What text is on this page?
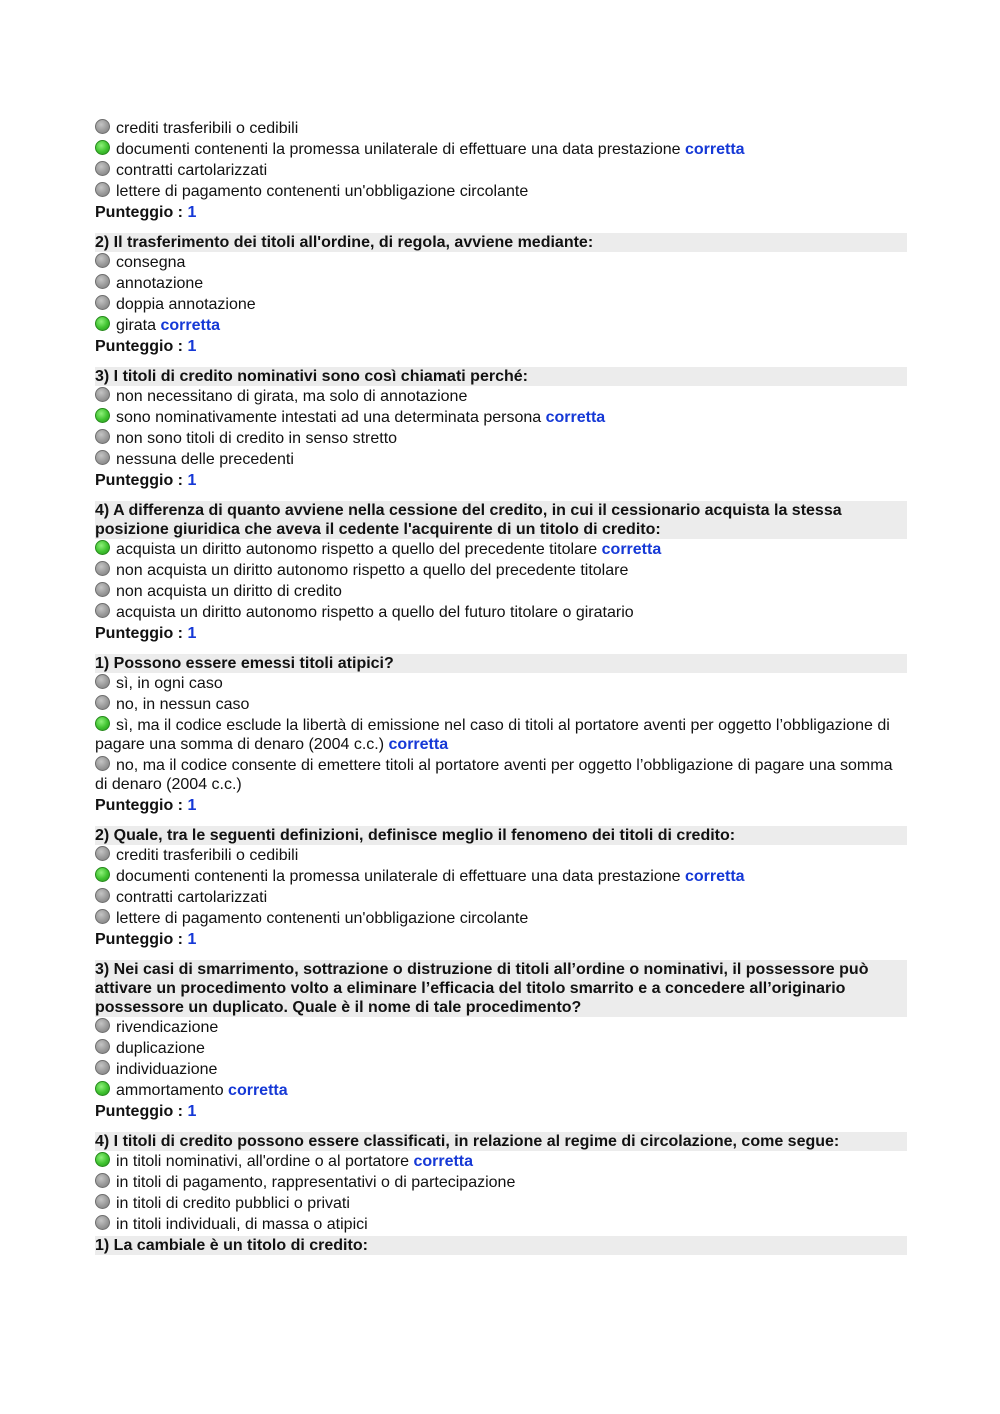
crediti trasferibili o cedibili
documenti contenenti la promessa unilaterale di effettuare una data prestazione corretta
contratti cartolarizzati
lettere di pagamento contenenti un'obbligazione circolante
Punteggio : 1
2) Il trasferimento dei titoli all'ordine, di regola, avviene mediante:
consegna
annotazione
doppia annotazione
girata corretta
Punteggio : 1
3) I titoli di credito nominativi sono così chiamati perché:
non necessitano di girata, ma solo di annotazione
sono nominativamente intestati ad una determinata persona corretta
non sono titoli di credito in senso stretto
nessuna delle precedenti
Punteggio : 1
4) A differenza di quanto avviene nella cessione del credito, in cui il cessionario acquista la stessa posizione giuridica che aveva il cedente l'acquirente di un titolo di credito:
acquista un diritto autonomo rispetto a quello del precedente titolare corretta
non acquista un diritto autonomo rispetto a quello del precedente titolare
non acquista un diritto di credito
acquista un diritto autonomo rispetto a quello del futuro titolare o giratario
Punteggio : 1
1) Possono essere emessi titoli atipici?
sì, in ogni caso
no, in nessun caso
sì, ma il codice esclude la libertà di emissione nel caso di titoli al portatore aventi per oggetto l’obbligazione di pagare una somma di denaro (2004 c.c.) corretta
no, ma il codice consente di emettere titoli al portatore aventi per oggetto l’obbligazione di pagare una somma di denaro (2004 c.c.)
Punteggio : 1
2) Quale, tra le seguenti definizioni, definisce meglio il fenomeno dei titoli di credito:
crediti trasferibili o cedibili
documenti contenenti la promessa unilaterale di effettuare una data prestazione corretta
contratti cartolarizzati
lettere di pagamento contenenti un'obbligazione circolante
Punteggio : 1
3) Nei casi di smarrimento, sottrazione o distruzione di titoli all’ordine o nominativi, il possessore può attivare un procedimento volto a eliminare l’efficacia del titolo smarrito e a concedere all’originario possessore un duplicato. Quale è il nome di tale procedimento?
rivendicazione
duplicazione
individuazione
ammortamento corretta
Punteggio : 1
4) I titoli di credito possono essere classificati, in relazione al regime di circolazione, come segue:
in titoli nominativi, all'ordine o al portatore corretta
in titoli di pagamento, rappresentativi o di partecipazione
in titoli di credito pubblici o privati
in titoli individuali, di massa o atipici
1) La cambiale è un titolo di credito:
